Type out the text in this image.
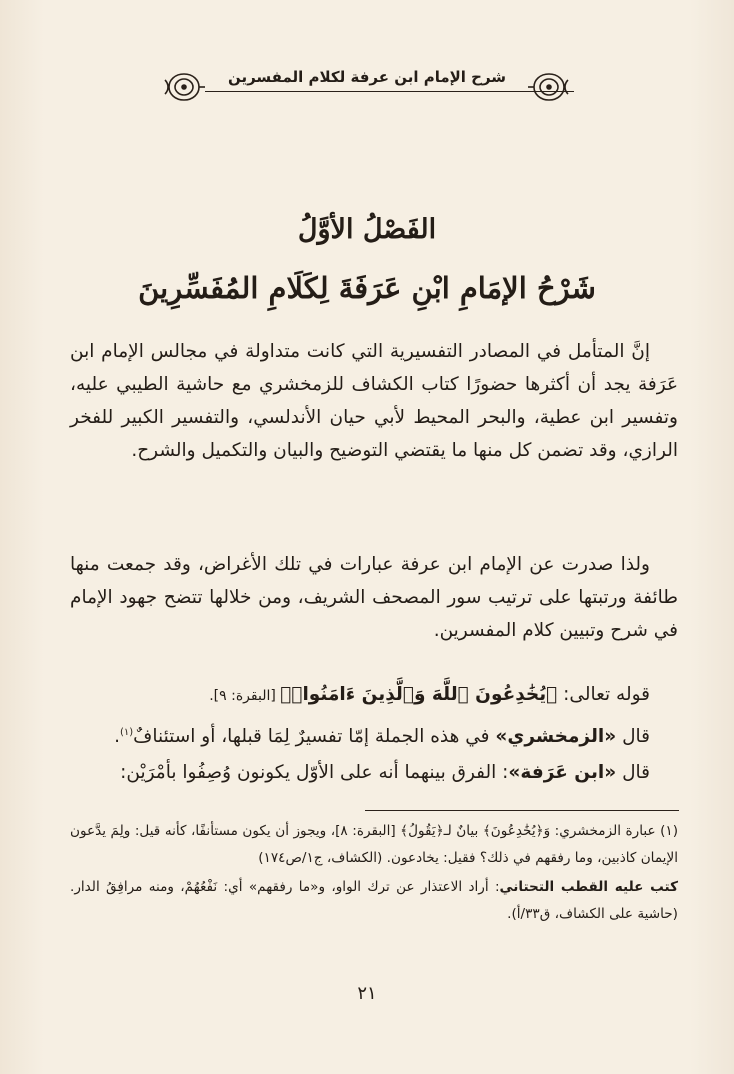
شرح الإمام ابن عرفة لكلام المفسرين
الفَصْلُ الأوَّلُ
شَرْحُ الإمَامِ ابْنِ عَرَفَةَ لِكَلَامِ المُفَسِّرِينَ

إنَّ المتأمل في المصادر التفسيرية التي كانت متداولة في مجالس الإمام ابن عَرَفة يجد أن أكثرها حضورًا كتاب الكشاف للزمخشري مع حاشية الطيبي عليه، وتفسير ابن عطية، والبحر المحيط لأبي حيان الأندلسي، والتفسير الكبير للفخر الرازي، وقد تضمن كل منها ما يقتضي التوضيح والبيان والتكميل والشرح.

ولذا صدرت عن الإمام ابن عرفة عبارات في تلك الأغراض، وقد جمعت منها طائفة ورتبتها على ترتيب سور المصحف الشريف، ومن خلالها تتضح جهود الإمام في شرح وتبيين كلام المفسرين.

قوله تعالى: ﴿يُخَٰدِعُونَ ٱللَّهَ وَٱلَّذِينَ ءَامَنُوا۟﴾ [البقرة: ٩].

قال «الزمخشري» في هذه الجملة إمّا تفسيرٌ لِمَا قبلها، أو استئنافٌ$^{(١)}$.

قال «ابن عَرَفة»: الفرق بينهما أنه على الأوّل يكونون وُصِفُوا بأمْرَيْن:

(١) عبارة الزمخشري: وَ﴿يُخَٰدِعُونَ﴾ بيانٌ لـ﴿يَقُولُ﴾ [البقرة: ٨]، ويجوز أن يكون مستأنفًا، كأنه قيل: ولِمَ يدَّعون الإيمان كاذبين، وما رفقهم في ذلك؟ فقيل: يخادعون. (الكشاف، ج١/ص١٧٤)

كتب عليه القطب التحتاني: أراد الاعتذار عن ترك الواو، و«ما رفقهم» أي: نَفْعُهُمْ، ومنه مرافِقُ الدار. (حاشية على الكشاف، ق٣٣/أ).

٢١
